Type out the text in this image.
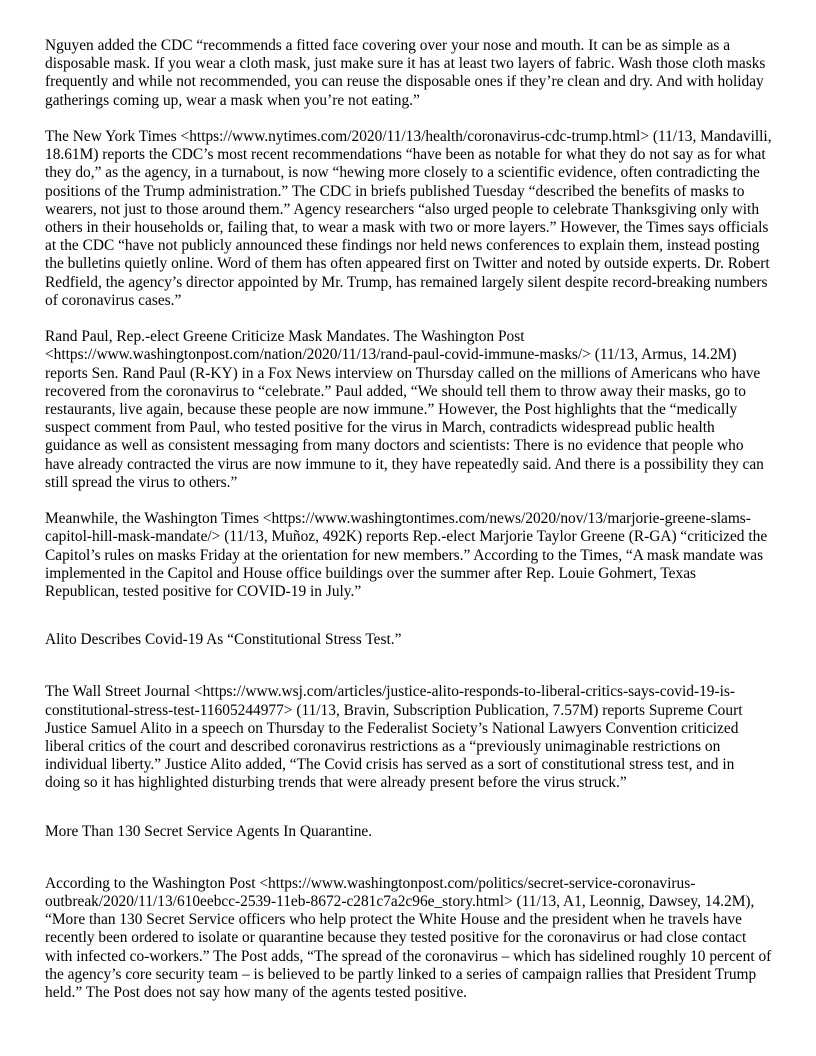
Nguyen added the CDC “recommends a fitted face covering over your nose and mouth. It can be as simple as a disposable mask. If you wear a cloth mask, just make sure it has at least two layers of fabric. Wash those cloth masks frequently and while not recommended, you can reuse the disposable ones if they’re clean and dry. And with holiday gatherings coming up, wear a mask when you’re not eating.”

The New York Times <https://www.nytimes.com/2020/11/13/health/coronavirus-cdc-trump.html> (11/13, Mandavilli, 18.61M) reports the CDC’s most recent recommendations “have been as notable for what they do not say as for what they do,” as the agency, in a turnabout, is now “hewing more closely to a scientific evidence, often contradicting the positions of the Trump administration.” The CDC in briefs published Tuesday “described the benefits of masks to wearers, not just to those around them.” Agency researchers “also urged people to celebrate Thanksgiving only with others in their households or, failing that, to wear a mask with two or more layers.” However, the Times says officials at the CDC “have not publicly announced these findings nor held news conferences to explain them, instead posting the bulletins quietly online. Word of them has often appeared first on Twitter and noted by outside experts. Dr. Robert Redfield, the agency’s director appointed by Mr. Trump, has remained largely silent despite record-breaking numbers of coronavirus cases.”

Rand Paul, Rep.-elect Greene Criticize Mask Mandates. The Washington Post <https://www.washingtonpost.com/nation/2020/11/13/rand-paul-covid-immune-masks/> (11/13, Armus, 14.2M) reports Sen. Rand Paul (R-KY) in a Fox News interview on Thursday called on the millions of Americans who have recovered from the coronavirus to “celebrate.” Paul added, “We should tell them to throw away their masks, go to restaurants, live again, because these people are now immune.” However, the Post highlights that the “medically suspect comment from Paul, who tested positive for the virus in March, contradicts widespread public health guidance as well as consistent messaging from many doctors and scientists: There is no evidence that people who have already contracted the virus are now immune to it, they have repeatedly said. And there is a possibility they can still spread the virus to others.”

Meanwhile, the Washington Times <https://www.washingtontimes.com/news/2020/nov/13/marjorie-greene-slams-capitol-hill-mask-mandate/> (11/13, Muñoz, 492K) reports Rep.-elect Marjorie Taylor Greene (R-GA) “criticized the Capitol’s rules on masks Friday at the orientation for new members.” According to the Times, “A mask mandate was implemented in the Capitol and House office buildings over the summer after Rep. Louie Gohmert, Texas Republican, tested positive for COVID-19 in July.”

Alito Describes Covid-19 As “Constitutional Stress Test.”

The Wall Street Journal <https://www.wsj.com/articles/justice-alito-responds-to-liberal-critics-says-covid-19-is-constitutional-stress-test-11605244977> (11/13, Bravin, Subscription Publication, 7.57M) reports Supreme Court Justice Samuel Alito in a speech on Thursday to the Federalist Society’s National Lawyers Convention criticized liberal critics of the court and described coronavirus restrictions as a “previously unimaginable restrictions on individual liberty.” Justice Alito added, “The Covid crisis has served as a sort of constitutional stress test, and in doing so it has highlighted disturbing trends that were already present before the virus struck.”

More Than 130 Secret Service Agents In Quarantine.

According to the Washington Post <https://www.washingtonpost.com/politics/secret-service-coronavirus-outbreak/2020/11/13/610eebcc-2539-11eb-8672-c281c7a2c96e_story.html> (11/13, A1, Leonnig, Dawsey, 14.2M), “More than 130 Secret Service officers who help protect the White House and the president when he travels have recently been ordered to isolate or quarantine because they tested positive for the coronavirus or had close contact with infected co-workers.” The Post adds, “The spread of the coronavirus – which has sidelined roughly 10 percent of the agency’s core security team – is believed to be partly linked to a series of campaign rallies that President Trump held.” The Post does not say how many of the agents tested positive.
